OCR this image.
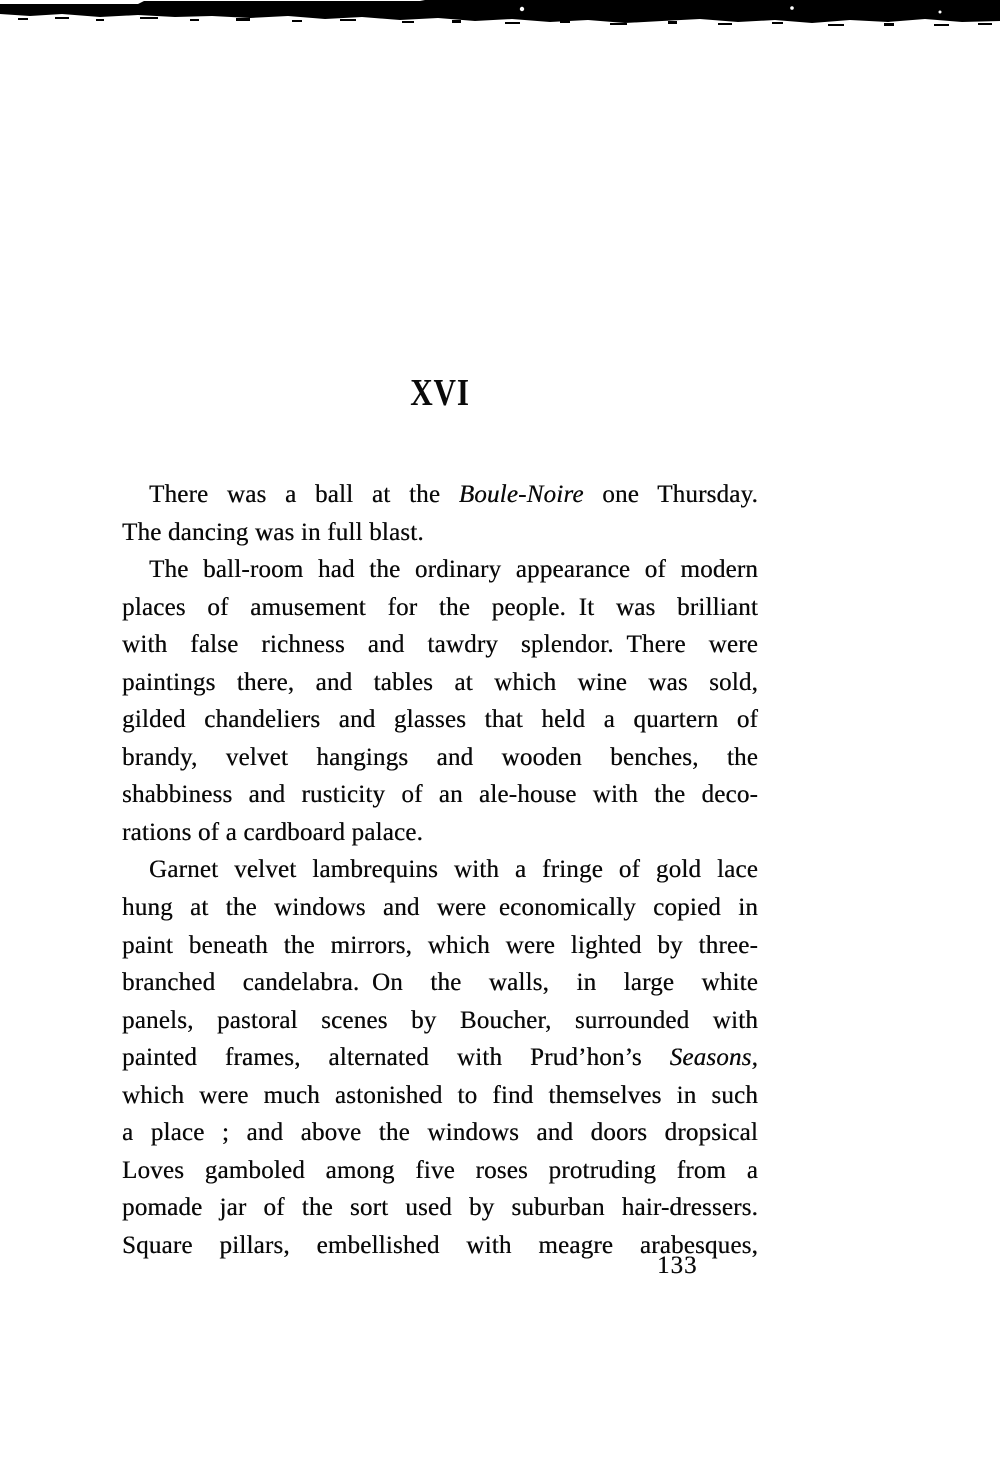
XVI
There was a ball at the Boule-Noire one Thursday.
The dancing was in full blast.
The ball-room had the ordinary appearance of modern
places of amusement for the people. It was brilliant
with false richness and tawdry splendor. There were
paintings there, and tables at which wine was sold,
gilded chandeliers and glasses that held a quartern of
brandy, velvet hangings and wooden benches, the
shabbiness and rusticity of an ale-house with the deco-
rations of a cardboard palace.
Garnet velvet lambrequins with a fringe of gold lace
hung at the windows and were economically copied in
paint beneath the mirrors, which were lighted by three-
branched candelabra. On the walls, in large white
panels, pastoral scenes by Boucher, surrounded with
painted frames, alternated with Prud’hon’s Seasons,
which were much astonished to find themselves in such
a place ; and above the windows and doors dropsical
Loves gamboled among five roses protruding from a
pomade jar of the sort used by suburban hair-dressers.
Square pillars, embellished with meagre arabesques,
133
